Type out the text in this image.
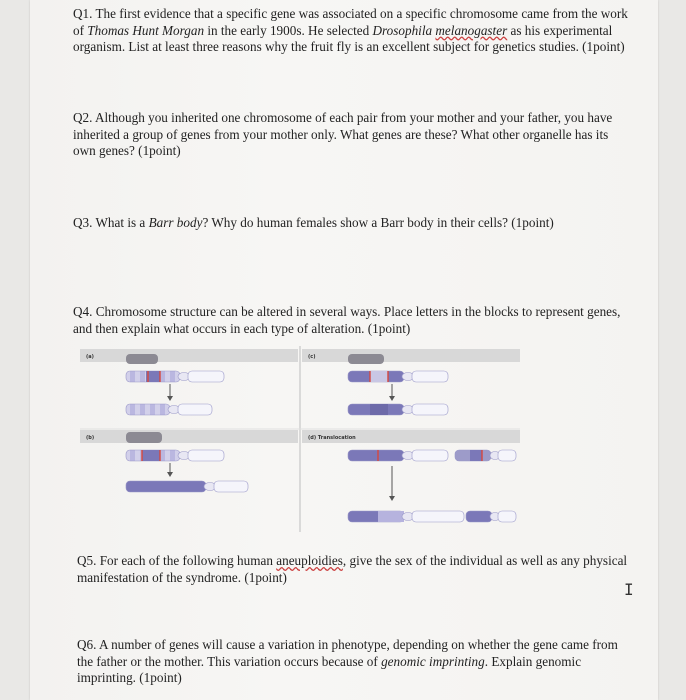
Q1. The first evidence that a specific gene was associated on a specific chromosome came from the work of Thomas Hunt Morgan in the early 1900s. He selected Drosophila melanogaster as his experimental organism. List at least three reasons why the fruit fly is an excellent subject for genetics studies. (1point)

Q2. Although you inherited one chromosome of each pair from your mother and your father, you have inherited a group of genes from your mother only. What genes are these? What other organelle has its own genes? (1point)

Q3. What is a Barr body? Why do human females show a Barr body in their cells? (1point)

Q4. Chromosome structure can be altered in several ways. Place letters in the blocks to represent genes, and then explain what occurs in each type of alteration. (1point)

(a)	(c)
(b)	(d) Translocation

Q5. For each of the following human aneuploidies, give the sex of the individual as well as any physical manifestation of the syndrome. (1point)

Q6. A number of genes will cause a variation in phenotype, depending on whether the gene came from the father or the mother. This variation occurs because of genomic imprinting. Explain genomic imprinting. (1point)

I
